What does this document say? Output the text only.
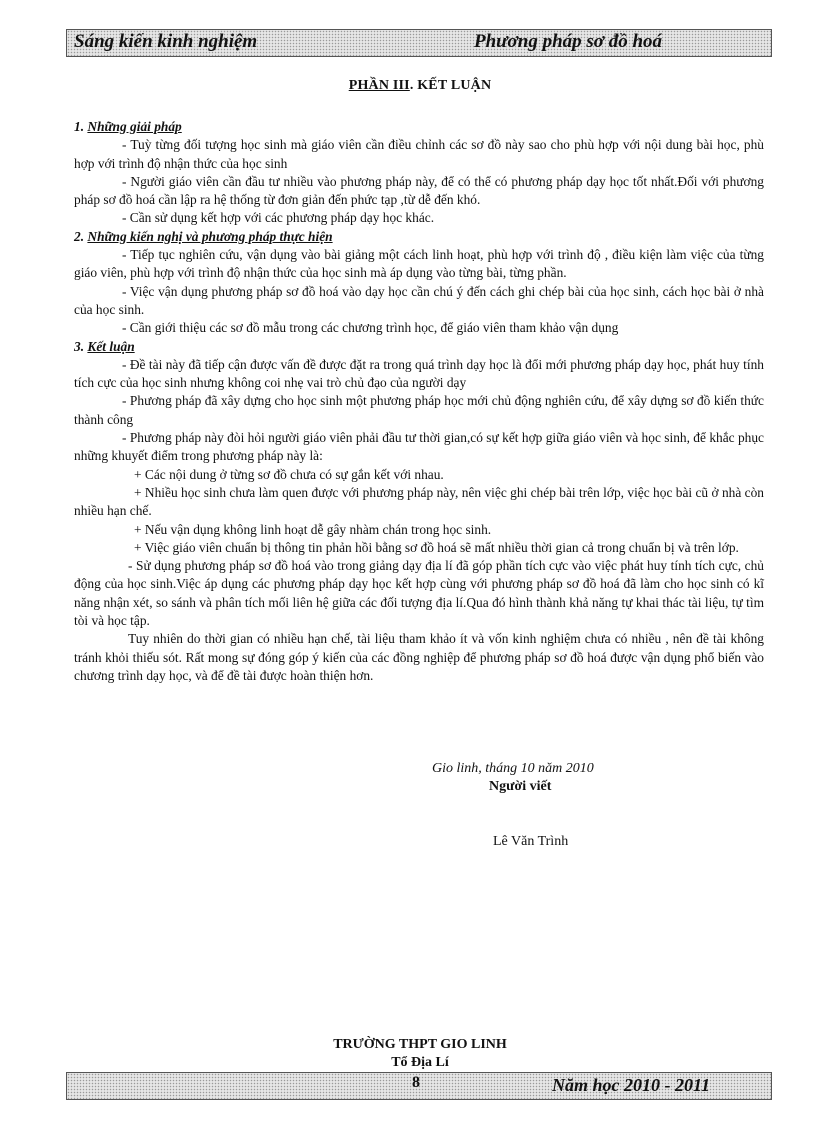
Sáng kiến kinh nghiệm	Phương pháp sơ đồ hoá
PHẦN III. KẾT LUẬN

1. Những giải pháp

- Tuỳ từng đối tượng học sinh mà giáo viên cần điều chỉnh các sơ đồ này sao cho phù hợp với nội dung bài học, phù hợp với trình độ nhận thức của học sinh

- Người giáo viên cần đầu tư nhiều vào phương pháp này, để có thể có phương pháp dạy học tốt nhất.Đối với phương pháp sơ đồ hoá cần lập ra hệ thống từ đơn giản đến phức tạp ,từ dễ đến khó.

- Cần sử dụng kết hợp với các phương pháp dạy học khác.

2. Những kiến nghị và phương pháp thực hiện

- Tiếp tục nghiên cứu, vận dụng vào bài giảng một cách linh hoạt, phù hợp với trình độ , điều kiện làm việc của từng giáo viên, phù hợp với trình độ nhận thức của học sinh mà áp dụng vào từng bài, từng phần.

- Việc vận dụng phương pháp sơ đồ hoá vào dạy học cần chú ý đến cách ghi chép bài của học sinh, cách học bài ở nhà của học sinh.

- Cần giới thiệu các sơ đồ mẫu trong các chương trình học, để giáo viên tham khảo vận dụng

3. Kết luận

- Đề tài này đã tiếp cận được vấn đề được đặt ra trong quá trình dạy học là đổi mới phương pháp dạy học, phát huy tính tích cực của học sinh nhưng không coi nhẹ vai trò chủ đạo của người dạy

- Phương pháp đã xây dựng cho học sinh một phương pháp học mới chủ động nghiên cứu, để xây dựng sơ đồ kiến thức thành công

- Phương pháp này đòi hỏi người giáo viên phải đầu tư thời gian,có sự kết hợp giữa giáo viên và học sinh, để khắc phục những khuyết điểm trong phương pháp này là:

+ Các nội dung ở từng sơ đồ chưa có sự gắn kết với nhau.

+ Nhiều học sinh chưa làm quen được với phương pháp này, nên việc ghi chép bài trên lớp, việc học bài cũ ở nhà còn nhiều hạn chế.

+ Nếu vận dụng không linh hoạt dễ gây nhàm chán trong học sinh.

+ Việc giáo viên chuẩn bị thông tin phản hồi bằng sơ đồ hoá sẽ mất nhiều thời gian cả trong chuẩn bị và trên lớp.

- Sử dụng phương pháp sơ đồ hoá vào trong giảng dạy địa lí đã góp phần tích cực vào việc phát huy tính tích cực, chủ động của học sinh.Việc áp dụng các phương pháp dạy học kết hợp cùng với phương pháp sơ đồ hoá đã làm cho học sinh có kĩ năng nhận xét, so sánh và phân tích mối liên hệ giữa các đối tượng địa lí.Qua đó hình thành khả năng tự khai thác tài liệu, tự tìm tòi và học tập.

Tuy nhiên do thời gian có nhiều hạn chế, tài liệu tham khảo ít và vốn kinh nghiệm chưa có nhiều , nên đề tài không tránh khỏi thiếu sót. Rất mong sự đóng góp ý kiến của các đồng nghiệp để phương pháp sơ đồ hoá được vận dụng phổ biến vào chương trình dạy học, và để đề tài được hoàn thiện hơn.

Gio linh, tháng 10 năm 2010
Người viết
Lê Văn Trình
TRƯỜNG THPT GIO LINH
Tổ Địa Lí
8	Năm học 2010 - 2011
